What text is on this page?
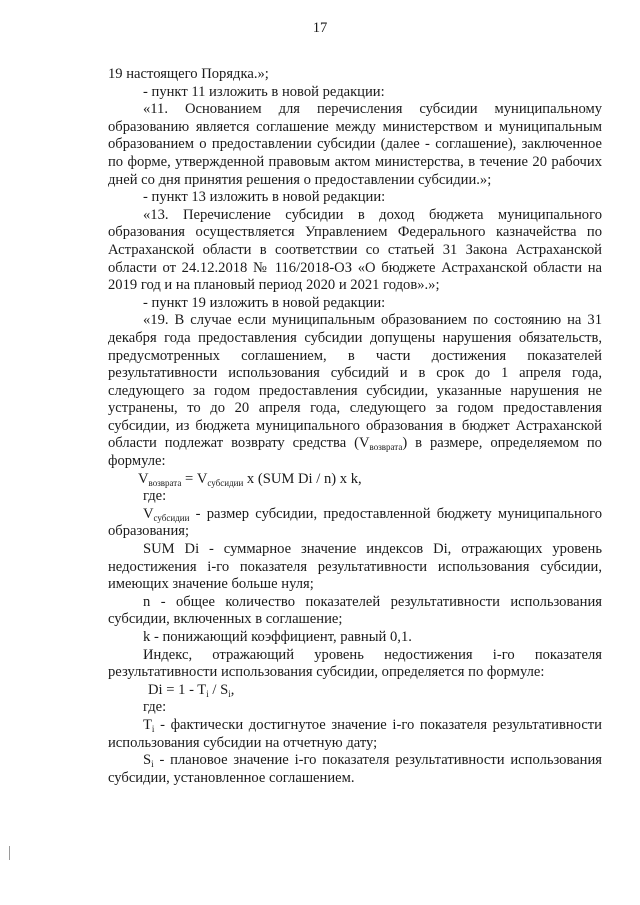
17

19 настоящего Порядка.»;

- пункт 11 изложить в новой редакции:

«11. Основанием для перечисления субсидии муниципальному образованию является соглашение между министерством и муниципальным образованием о предоставлении субсидии (далее - соглашение), заключенное по форме, утвержденной правовым актом министерства, в течение 20 рабочих дней со дня принятия решения о предоставлении субсидии.»;

- пункт 13 изложить в новой редакции:

«13. Перечисление субсидии в доход бюджета муниципального образования осуществляется Управлением Федерального казначейства по Астраханской области в соответствии со статьей 31 Закона Астраханской области от 24.12.2018 № 116/2018-ОЗ «О бюджете Астраханской области на 2019 год и на плановый период 2020 и 2021 годов».»;

- пункт 19 изложить в новой редакции:

«19. В случае если муниципальным образованием по состоянию на 31 декабря года предоставления субсидии допущены нарушения обязательств, предусмотренных соглашением, в части достижения показателей результативности использования субсидий и в срок до 1 апреля года, следующего за годом предоставления субсидии, указанные нарушения не устранены, то до 20 апреля года, следующего за годом предоставления субсидии, из бюджета муниципального образования в бюджет Астраханской области подлежат возврату средства $(V_{возврата})$ в размере, определяемом по формуле:

$V_{возврата} = V_{субсидии}$ x (SUM Di / n) x k,

где:

$V_{субсидии}$ - размер субсидии, предоставленной бюджету муниципального образования;

SUM Di - суммарное значение индексов Di, отражающих уровень недостижения i-го показателя результативности использования субсидии, имеющих значение больше нуля;

n - общее количество показателей результативности использования субсидии, включенных в соглашение;

k - понижающий коэффициент, равный 0,1.

Индекс, отражающий уровень недостижения i-го показателя результативности использования субсидии, определяется по формуле:

$Di = 1 - T_i / S_i$,

где:

$T_i$ - фактически достигнутое значение i-го показателя результативности использования субсидии на отчетную дату;

$S_i$ - плановое значение i-го показателя результативности использования субсидии, установленное соглашением.
